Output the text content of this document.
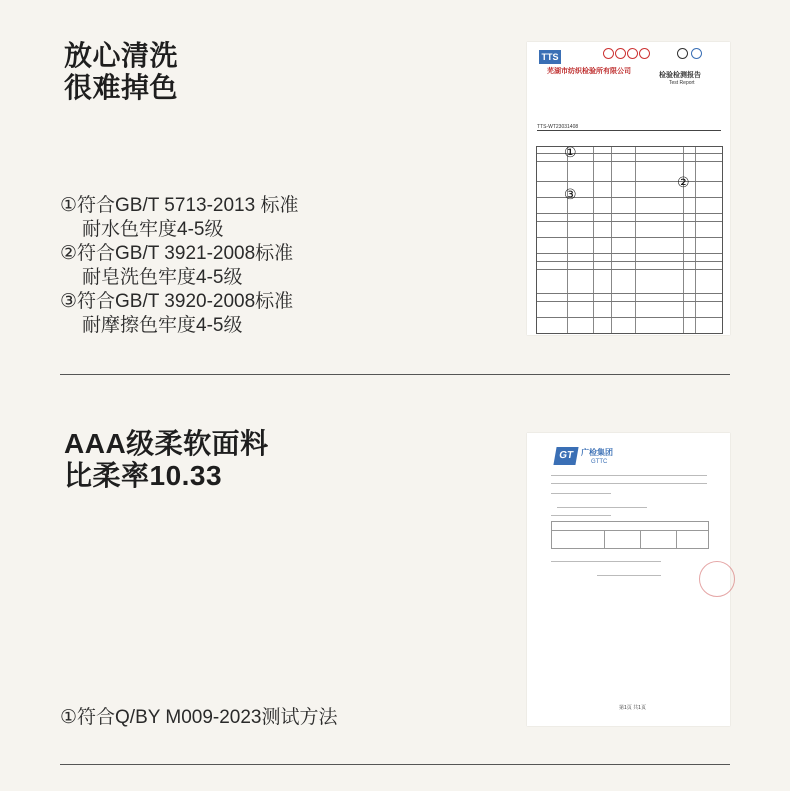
放心清洗
很难掉色
①符合GB/T 5713-2013 标准
耐水色牢度4-5级
②符合GB/T 3921-2008标准
耐皂洗色牢度4-5级
③符合GB/T 3920-2008标准
耐摩擦色牢度4-5级
TTS
芜湖市纺织检验所有限公司
检验检测报告
Test Report
TTS-WT23031408
①
②
③
AAA级柔软面料
比柔率10.33
GT 广检集团
GTTC
第1页 共1页
①符合Q/BY M009-2023测试方法
